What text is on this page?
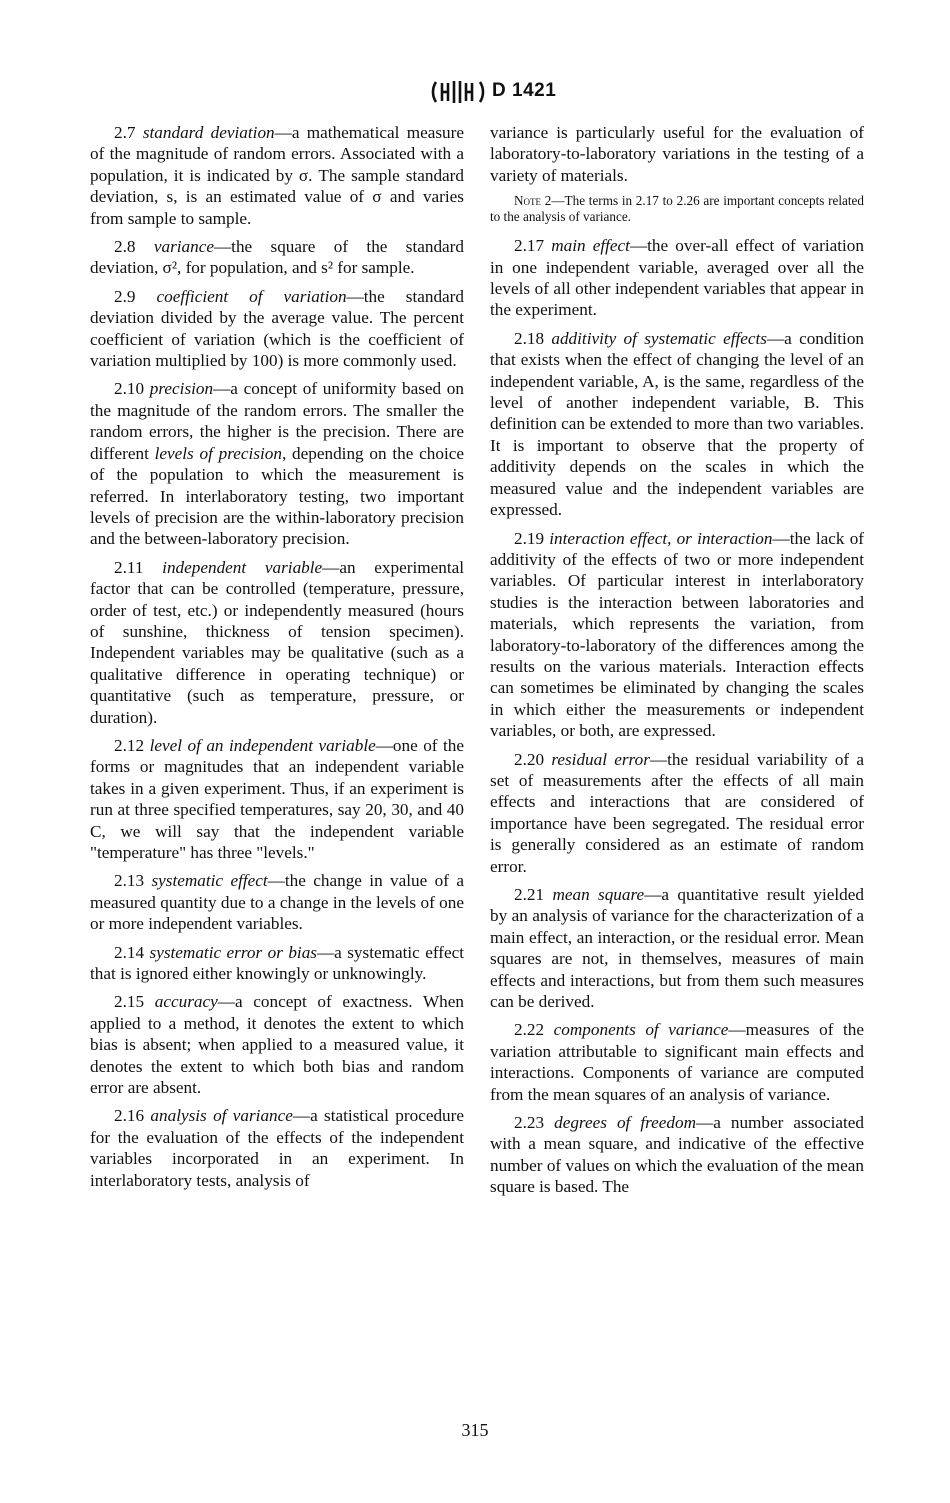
D 1421

2.7 standard deviation—a mathematical measure of the magnitude of random errors. Associated with a population, it is indicated by σ. The sample standard deviation, s, is an estimated value of σ and varies from sample to sample.

2.8 variance—the square of the standard deviation, σ², for population, and s² for sample.

2.9 coefficient of variation—the standard deviation divided by the average value. The percent coefficient of variation (which is the coefficient of variation multiplied by 100) is more commonly used.

2.10 precision—a concept of uniformity based on the magnitude of the random errors. The smaller the random errors, the higher is the precision. There are different levels of precision, depending on the choice of the population to which the measurement is referred. In interlaboratory testing, two important levels of precision are the within-laboratory precision and the between-laboratory precision.

2.11 independent variable—an experimental factor that can be controlled (temperature, pressure, order of test, etc.) or independently measured (hours of sunshine, thickness of tension specimen). Independent variables may be qualitative (such as a qualitative difference in operating technique) or quantitative (such as temperature, pressure, or duration).

2.12 level of an independent variable—one of the forms or magnitudes that an independent variable takes in a given experiment. Thus, if an experiment is run at three specified temperatures, say 20, 30, and 40 C, we will say that the independent variable "temperature" has three "levels."

2.13 systematic effect—the change in value of a measured quantity due to a change in the levels of one or more independent variables.

2.14 systematic error or bias—a systematic effect that is ignored either knowingly or unknowingly.

2.15 accuracy—a concept of exactness. When applied to a method, it denotes the extent to which bias is absent; when applied to a measured value, it denotes the extent to which both bias and random error are absent.

2.16 analysis of variance—a statistical procedure for the evaluation of the effects of the independent variables incorporated in an experiment. In interlaboratory tests, analysis of

variance is particularly useful for the evaluation of laboratory-to-laboratory variations in the testing of a variety of materials.

Note 2—The terms in 2.17 to 2.26 are important concepts related to the analysis of variance.

2.17 main effect—the over-all effect of variation in one independent variable, averaged over all the levels of all other independent variables that appear in the experiment.

2.18 additivity of systematic effects—a condition that exists when the effect of changing the level of an independent variable, A, is the same, regardless of the level of another independent variable, B. This definition can be extended to more than two variables. It is important to observe that the property of additivity depends on the scales in which the measured value and the independent variables are expressed.

2.19 interaction effect, or interaction—the lack of additivity of the effects of two or more independent variables. Of particular interest in interlaboratory studies is the interaction between laboratories and materials, which represents the variation, from laboratory-to-laboratory of the differences among the results on the various materials. Interaction effects can sometimes be eliminated by changing the scales in which either the measurements or independent variables, or both, are expressed.

2.20 residual error—the residual variability of a set of measurements after the effects of all main effects and interactions that are considered of importance have been segregated. The residual error is generally considered as an estimate of random error.

2.21 mean square—a quantitative result yielded by an analysis of variance for the characterization of a main effect, an interaction, or the residual error. Mean squares are not, in themselves, measures of main effects and interactions, but from them such measures can be derived.

2.22 components of variance—measures of the variation attributable to significant main effects and interactions. Components of variance are computed from the mean squares of an analysis of variance.

2.23 degrees of freedom—a number associated with a mean square, and indicative of the effective number of values on which the evaluation of the mean square is based. The

315
